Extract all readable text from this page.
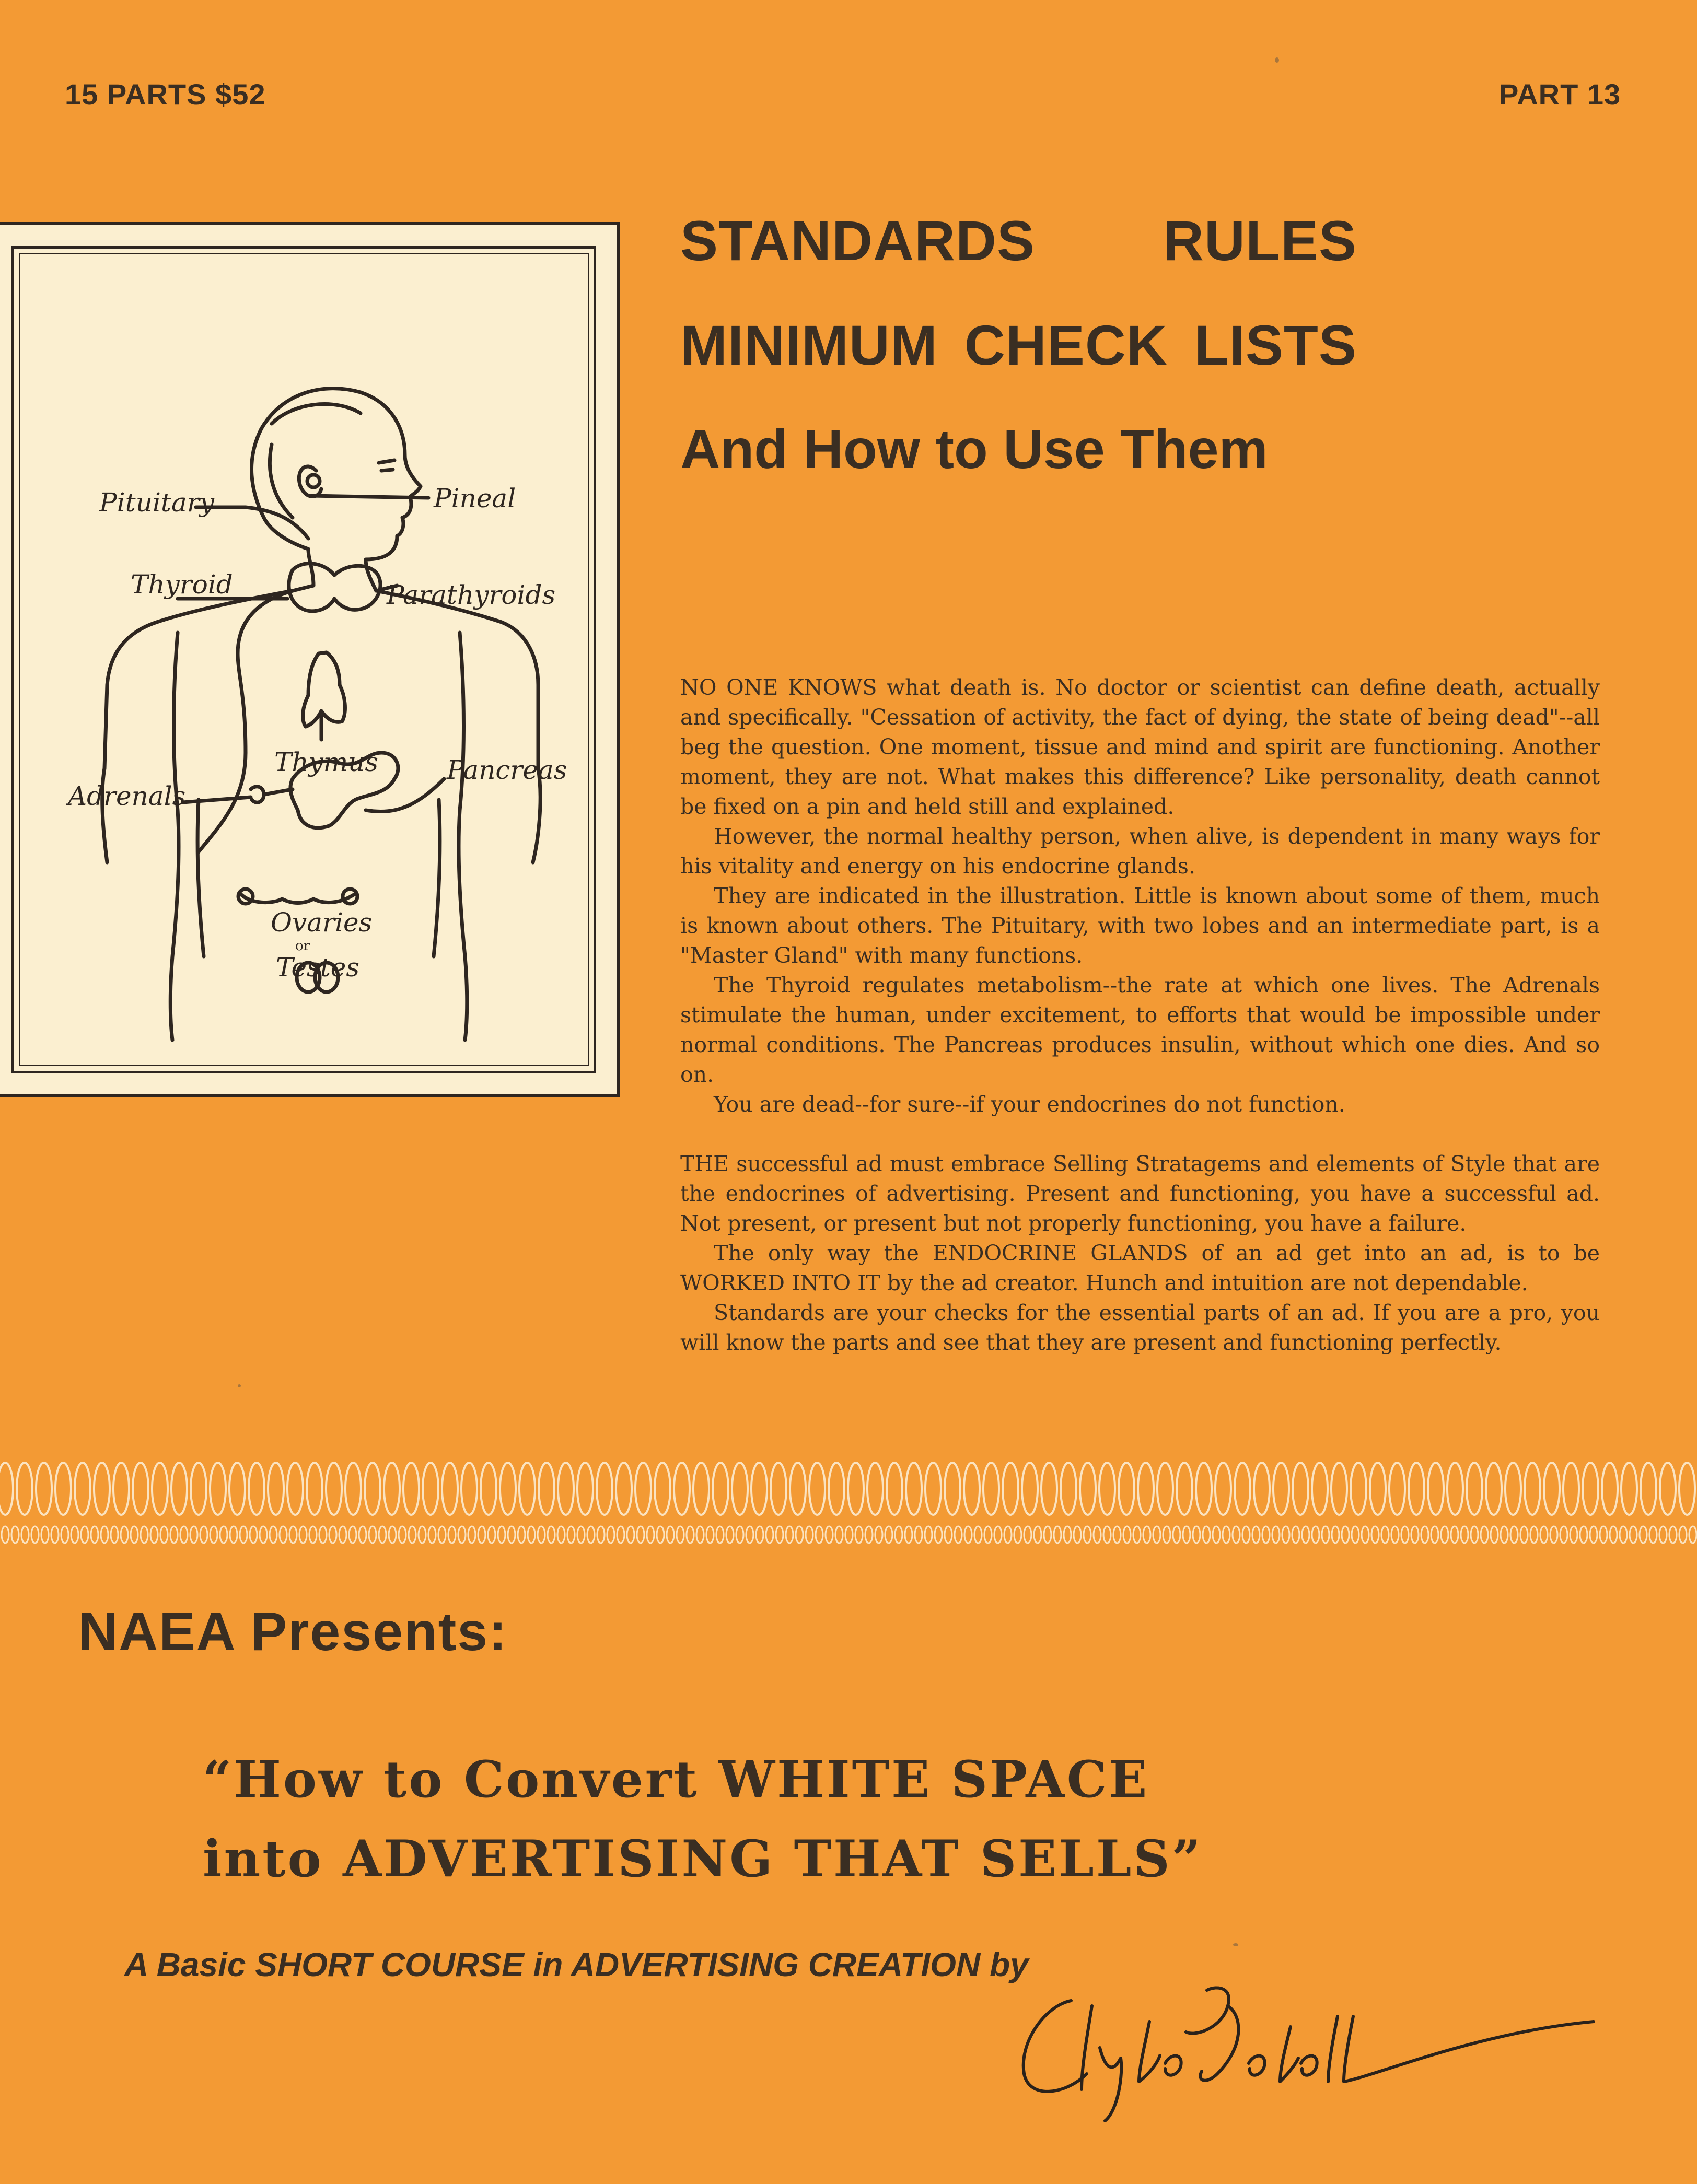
15 PARTS $52	PART 13
Pineal
Pituitary
Thyroid	Parathyroids
Thymus	Pancreas
Adrenals
Ovaries
or
Testes
STANDARDS RULES
MINIMUM CHECK LISTS
And How to Use Them

NO ONE KNOWS what death is. No doctor or scientist can define death, actually and specifically. "Cessation of activity, the fact of dying, the state of being dead"--all beg the question. One moment, tissue and mind and spirit are functioning. Another moment, they are not. What makes this difference? Like personality, death cannot be fixed on a pin and held still and explained.

However, the normal healthy person, when alive, is dependent in many ways for his vitality and energy on his endocrine glands.

They are indicated in the illustration. Little is known about some of them, much is known about others. The Pituitary, with two lobes and an intermediate part, is a "Master Gland" with many functions.

The Thyroid regulates metabolism--the rate at which one lives. The Adrenals stimulate the human, under excitement, to efforts that would be impossible under normal conditions. The Pancreas produces insulin, without which one dies. And so on.

You are dead--for sure--if your endocrines do not function.

THE successful ad must embrace Selling Stratagems and elements of Style that are the endocrines of advertising. Present and functioning, you have a successful ad. Not present, or present but not properly functioning, you have a failure.

The only way the ENDOCRINE GLANDS of an ad get into an ad, is to be WORKED INTO IT by the ad creator. Hunch and intuition are not dependable.

Standards are your checks for the essential parts of an ad. If you are a pro, you will know the parts and see that they are present and functioning perfectly.

NAEA Presents:
“How to Convert WHITE SPACE
into ADVERTISING THAT SELLS”
A Basic SHORT COURSE in ADVERTISING CREATION by
